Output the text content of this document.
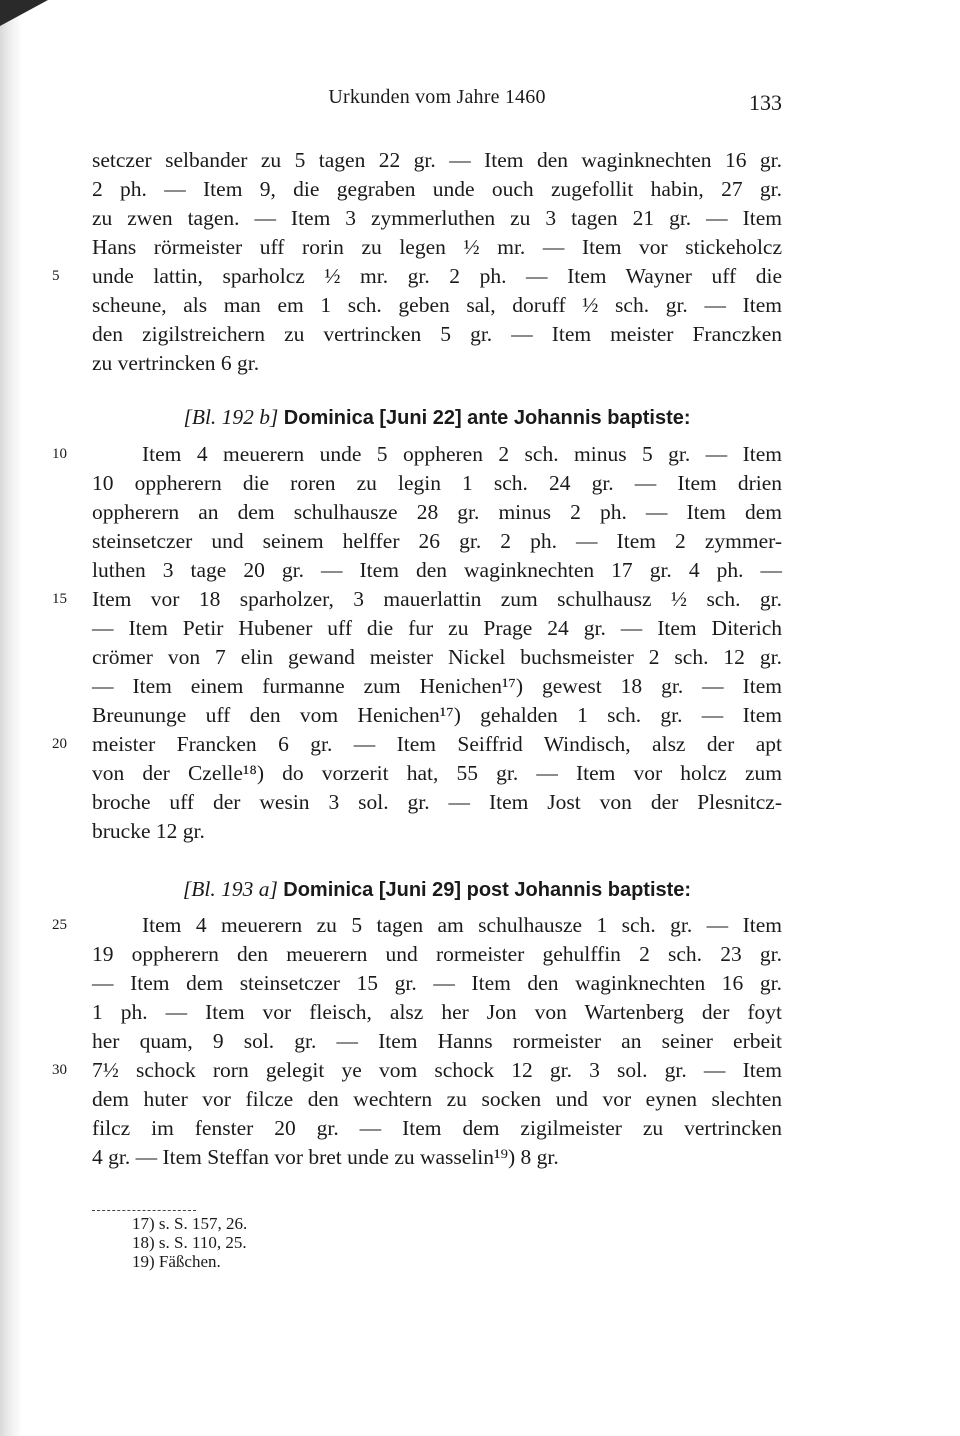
Urkunden vom Jahre 1460	133
setczer selbander zu 5 tagen 22 gr. — Item den waginknechten 16 gr.
2 ph. — Item 9, die gegraben unde ouch zugefollit habin, 27 gr.
zu zwen tagen. — Item 3 zymmerluthen zu 3 tagen 21 gr. — Item
Hans rörmeister uff rorin zu legen ½ mr. — Item vor stickeholcz
unde lattin, sparholcz ½ mr. gr. 2 ph. — Item Wayner uff die
scheune, als man em 1 sch. geben sal, doruff ½ sch. gr. — Item
den zigilstreichern zu vertrincken 5 gr. — Item meister Franczken
zu vertrincken 6 gr.
[Bl. 192 b] Dominica [Juni 22] ante Johannis baptiste:
Item 4 meuerern unde 5 oppheren 2 sch. minus 5 gr. — Item
10 oppherern die roren zu legin 1 sch. 24 gr. — Item drien
oppherern an dem schulhausze 28 gr. minus 2 ph. — Item dem
steinsetczer und seinem helffer 26 gr. 2 ph. — Item 2 zymmer-
luthen 3 tage 20 gr. — Item den waginknechten 17 gr. 4 ph. —
Item vor 18 sparholzer, 3 mauerlattin zum schulhausz ½ sch. gr.
— Item Petir Hubener uff die fur zu Prage 24 gr. — Item Diterich
crömer von 7 elin gewand meister Nickel buchsmeister 2 sch. 12 gr.
— Item einem furmanne zum Henichen¹⁷) gewest 18 gr. — Item
Breununge uff den vom Henichen¹⁷) gehalden 1 sch. gr. — Item
meister Francken 6 gr. — Item Seiffrid Windisch, alsz der apt
von der Czelle¹⁸) do vorzerit hat, 55 gr. — Item vor holcz zum
broche uff der wesin 3 sol. gr. — Item Jost von der Plesnitcz-
brucke 12 gr.
[Bl. 193 a] Dominica [Juni 29] post Johannis baptiste:
Item 4 meuerern zu 5 tagen am schulhausze 1 sch. gr. — Item
19 oppherern den meuerern und rormeister gehulffin 2 sch. 23 gr.
— Item dem steinsetczer 15 gr. — Item den waginknechten 16 gr.
1 ph. — Item vor fleisch, alsz her Jon von Wartenberg der foyt
her quam, 9 sol. gr. — Item Hanns rormeister an seiner erbeit
7½ schock rorn gelegit ye vom schock 12 gr. 3 sol. gr. — Item
dem huter vor filcze den wechtern zu socken und vor eynen slechten
filcz im fenster 20 gr. — Item dem zigilmeister zu vertrincken
4 gr. — Item Steffan vor bret unde zu wasselin¹⁹) 8 gr.
5
10
15
20
25
30
17) s. S. 157, 26.
18) s. S. 110, 25.
19) Fäßchen.
